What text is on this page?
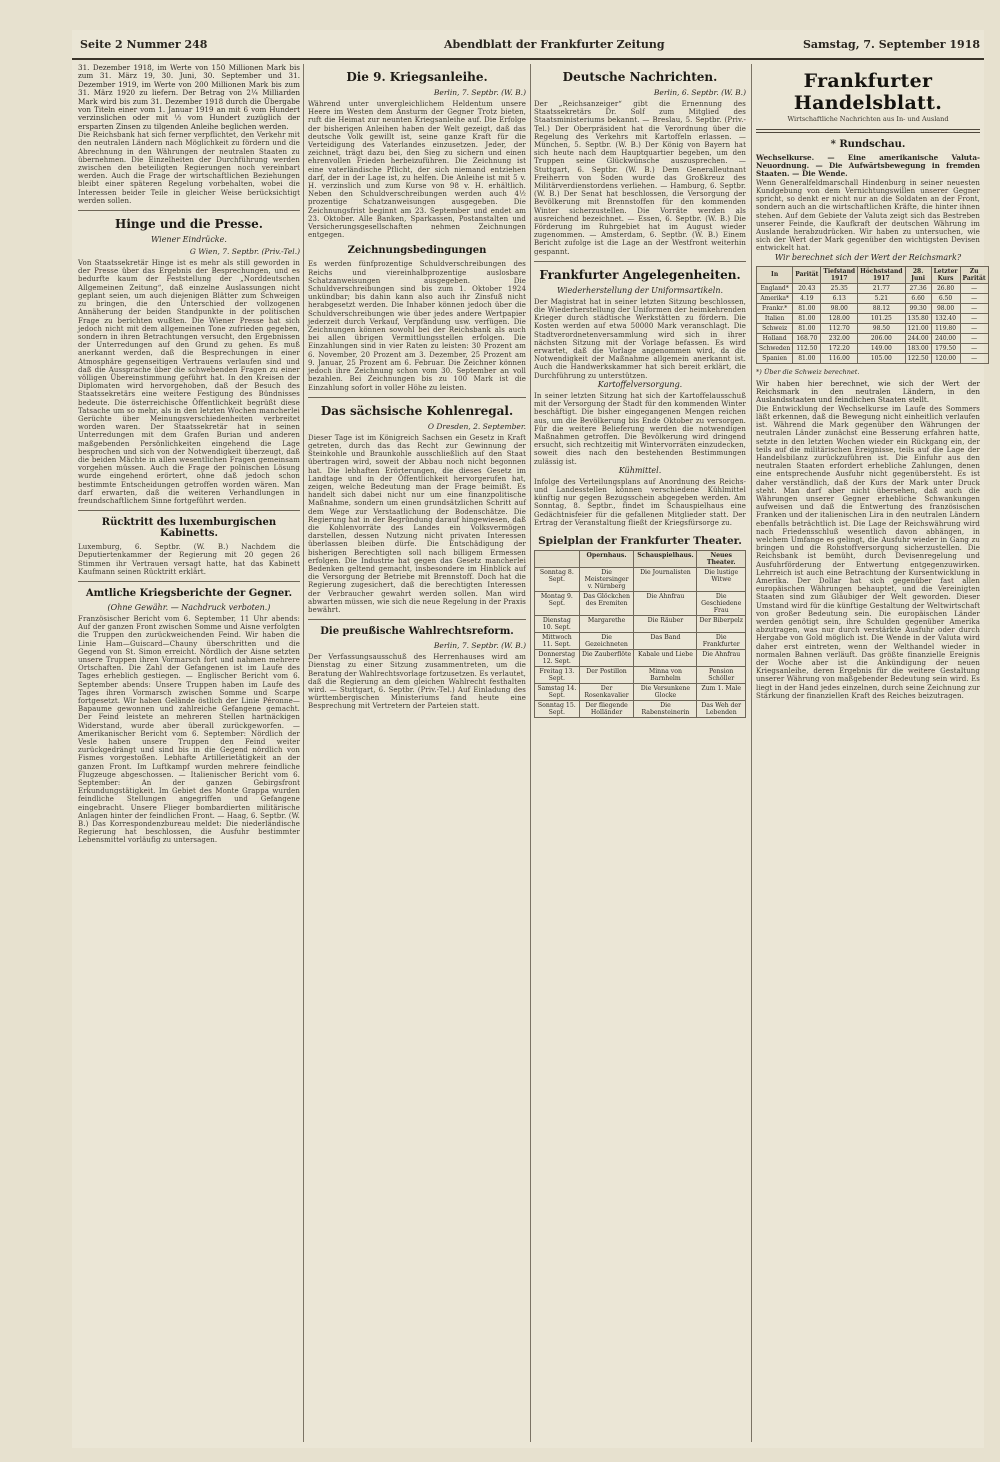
Seite 2 Nummer 248	Abendblatt der Frankfurter Zeitung	Samstag, 7. September 1918
31. Dezember 1918, im Werte von 150 Millionen Mark bis zum 31. März 19, 30. Juni, 30. September und 31. Dezember 1919, im Werte von 200 Millionen Mark bis zum 31. März 1920 zu liefern. Der Betrag von 2¼ Milliarden Mark wird bis zum 31. Dezember 1918 durch die Übergabe von Titeln einer vom 1. Januar 1919 an mit 6 vom Hundert verzinslichen oder mit ⅓ vom Hundert zuzüglich der ersparten Zinsen zu tilgenden Anleihe beglichen werden.
Die Reichsbank hat sich ferner verpflichtet, den Verkehr mit den neutralen Ländern nach Möglichkeit zu fördern und die Abrechnung in den Währungen der neutralen Staaten zu übernehmen. Die Einzelheiten der Durchführung werden zwischen den beteiligten Regierungen noch vereinbart werden. Auch die Frage der wirtschaftlichen Beziehungen bleibt einer späteren Regelung vorbehalten, wobei die Interessen beider Teile in gleicher Weise berücksichtigt werden sollen.
Hinge und die Presse.
Wiener Eindrücke.
G Wien, 7. Septbr. (Priv.-Tel.)
Von Staatssekretär Hinge ist es mehr als still geworden in der Presse über das Ergebnis der Besprechungen, und es bedurfte kaum der Feststellung der „Norddeutschen Allgemeinen Zeitung“, daß einzelne Auslassungen nicht geplant seien, um auch diejenigen Blätter zum Schweigen zu bringen, die den Unterschied der vollzogenen Annäherung der beiden Standpunkte in der politischen Frage zu berichten wußten. Die Wiener Presse hat sich jedoch nicht mit dem allgemeinen Tone zufrieden gegeben, sondern in ihren Betrachtungen versucht, den Ergebnissen der Unterredungen auf den Grund zu gehen. Es muß anerkannt werden, daß die Besprechungen in einer Atmosphäre gegenseitigen Vertrauens verlaufen sind und daß die Aussprache über die schwebenden Fragen zu einer völligen Übereinstimmung geführt hat. In den Kreisen der Diplomaten wird hervorgehoben, daß der Besuch des Staatssekretärs eine weitere Festigung des Bündnisses bedeute. Die österreichische Öffentlichkeit begrüßt diese Tatsache um so mehr, als in den letzten Wochen mancherlei Gerüchte über Meinungsverschiedenheiten verbreitet worden waren. Der Staatssekretär hat in seinen Unterredungen mit dem Grafen Burian und anderen maßgebenden Persönlichkeiten eingehend die Lage besprochen und sich von der Notwendigkeit überzeugt, daß die beiden Mächte in allen wesentlichen Fragen gemeinsam vorgehen müssen. Auch die Frage der polnischen Lösung wurde eingehend erörtert, ohne daß jedoch schon bestimmte Entscheidungen getroffen worden wären. Man darf erwarten, daß die weiteren Verhandlungen in freundschaftlichem Sinne fortgeführt werden.
Rücktritt des luxemburgischen Kabinetts.
Luxemburg, 6. Septbr. (W. B.) Nachdem die Deputiertenkammer der Regierung mit 20 gegen 26 Stimmen ihr Vertrauen versagt hatte, hat das Kabinett Kaufmann seinen Rücktritt erklärt.
Amtliche Kriegsberichte der Gegner.
(Ohne Gewähr. — Nachdruck verboten.)
Französischer Bericht vom 6. September, 11 Uhr abends: Auf der ganzen Front zwischen Somme und Aisne verfolgten die Truppen den zurückweichenden Feind. Wir haben die Linie Ham—Guiscard—Chauny überschritten und die Gegend von St. Simon erreicht. Nördlich der Aisne setzten unsere Truppen ihren Vormarsch fort und nahmen mehrere Ortschaften. Die Zahl der Gefangenen ist im Laufe des Tages erheblich gestiegen. — Englischer Bericht vom 6. September abends: Unsere Truppen haben im Laufe des Tages ihren Vormarsch zwischen Somme und Scarpe fortgesetzt. Wir haben Gelände östlich der Linie Péronne—Bapaume gewonnen und zahlreiche Gefangene gemacht. Der Feind leistete an mehreren Stellen hartnäckigen Widerstand, wurde aber überall zurückgeworfen. — Amerikanischer Bericht vom 6. September: Nördlich der Vesle haben unsere Truppen den Feind weiter zurückgedrängt und sind bis in die Gegend nördlich von Fismes vorgestoßen. Lebhafte Artillerietätigkeit an der ganzen Front. Im Luftkampf wurden mehrere feindliche Flugzeuge abgeschossen. — Italienischer Bericht vom 6. September: An der ganzen Gebirgsfront Erkundungstätigkeit. Im Gebiet des Monte Grappa wurden feindliche Stellungen angegriffen und Gefangene eingebracht. Unsere Flieger bombardierten militärische Anlagen hinter der feindlichen Front. — Haag, 6. Septbr. (W. B.) Das Korrespondenzbureau meldet: Die niederländische Regierung hat beschlossen, die Ausfuhr bestimmter Lebensmittel vorläufig zu untersagen.
Die 9. Kriegsanleihe.
Berlin, 7. Septbr. (W. B.)
Während unter unvergleichlichem Heldentum unsere Heere im Westen dem Ansturm der Gegner Trotz bieten, ruft die Heimat zur neunten Kriegsanleihe auf. Die Erfolge der bisherigen Anleihen haben der Welt gezeigt, daß das deutsche Volk gewillt ist, seine ganze Kraft für die Verteidigung des Vaterlandes einzusetzen. Jeder, der zeichnet, trägt dazu bei, den Sieg zu sichern und einen ehrenvollen Frieden herbeizuführen. Die Zeichnung ist eine vaterländische Pflicht, der sich niemand entziehen darf, der in der Lage ist, zu helfen. Die Anleihe ist mit 5 v. H. verzinslich und zum Kurse von 98 v. H. erhältlich. Neben den Schuldverschreibungen werden auch 4½ prozentige Schatzanweisungen ausgegeben. Die Zeichnungsfrist beginnt am 23. September und endet am 23. Oktober. Alle Banken, Sparkassen, Postanstalten und Versicherungsgesellschaften nehmen Zeichnungen entgegen.
Zeichnungsbedingungen
Es werden fünfprozentige Schuldverschreibungen des Reichs und viereinhalbprozentige auslosbare Schatzanweisungen ausgegeben. Die Schuldverschreibungen sind bis zum 1. Oktober 1924 unkündbar; bis dahin kann also auch ihr Zinsfuß nicht herabgesetzt werden. Die Inhaber können jedoch über die Schuldverschreibungen wie über jedes andere Wertpapier jederzeit durch Verkauf, Verpfändung usw. verfügen. Die Zeichnungen können sowohl bei der Reichsbank als auch bei allen übrigen Vermittlungsstellen erfolgen. Die Einzahlungen sind in vier Raten zu leisten: 30 Prozent am 6. November, 20 Prozent am 3. Dezember, 25 Prozent am 9. Januar, 25 Prozent am 6. Februar. Die Zeichner können jedoch ihre Zeichnung schon vom 30. September an voll bezahlen. Bei Zeichnungen bis zu 100 Mark ist die Einzahlung sofort in voller Höhe zu leisten.
Das sächsische Kohlenregal.
O Dresden, 2. September.
Dieser Tage ist im Königreich Sachsen ein Gesetz in Kraft getreten, durch das das Recht zur Gewinnung der Steinkohle und Braunkohle ausschließlich auf den Staat übertragen wird, soweit der Abbau noch nicht begonnen hat. Die lebhaften Erörterungen, die dieses Gesetz im Landtage und in der Öffentlichkeit hervorgerufen hat, zeigen, welche Bedeutung man der Frage beimißt. Es handelt sich dabei nicht nur um eine finanzpolitische Maßnahme, sondern um einen grundsätzlichen Schritt auf dem Wege zur Verstaatlichung der Bodenschätze. Die Regierung hat in der Begründung darauf hingewiesen, daß die Kohlenvorräte des Landes ein Volksvermögen darstellen, dessen Nutzung nicht privaten Interessen überlassen bleiben dürfe. Die Entschädigung der bisherigen Berechtigten soll nach billigem Ermessen erfolgen. Die Industrie hat gegen das Gesetz mancherlei Bedenken geltend gemacht, insbesondere im Hinblick auf die Versorgung der Betriebe mit Brennstoff. Doch hat die Regierung zugesichert, daß die berechtigten Interessen der Verbraucher gewahrt werden sollen. Man wird abwarten müssen, wie sich die neue Regelung in der Praxis bewährt.
Die preußische Wahlrechtsreform.
Berlin, 7. Septbr. (W. B.)
Der Verfassungsausschuß des Herrenhauses wird am Dienstag zu einer Sitzung zusammentreten, um die Beratung der Wahlrechtsvorlage fortzusetzen. Es verlautet, daß die Regierung an dem gleichen Wahlrecht festhalten wird. — Stuttgart, 6. Septbr. (Priv.-Tel.) Auf Einladung des württembergischen Ministeriums fand heute eine Besprechung mit Vertretern der Parteien statt.
Deutsche Nachrichten.
Berlin, 6. Septbr. (W. B.)
Der „Reichsanzeiger“ gibt die Ernennung des Staatssekretärs Dr. Solf zum Mitglied des Staatsministeriums bekannt. — Breslau, 5. Septbr. (Priv.-Tel.) Der Oberpräsident hat die Verordnung über die Regelung des Verkehrs mit Kartoffeln erlassen. — München, 5. Septbr. (W. B.) Der König von Bayern hat sich heute nach dem Hauptquartier begeben, um den Truppen seine Glückwünsche auszusprechen. — Stuttgart, 6. Septbr. (W. B.) Dem Generalleutnant Freiherrn von Soden wurde das Großkreuz des Militärverdienstordens verliehen. — Hamburg, 6. Septbr. (W. B.) Der Senat hat beschlossen, die Versorgung der Bevölkerung mit Brennstoffen für den kommenden Winter sicherzustellen. Die Vorräte werden als ausreichend bezeichnet. — Essen, 6. Septbr. (W. B.) Die Förderung im Ruhrgebiet hat im August wieder zugenommen. — Amsterdam, 6. Septbr. (W. B.) Einem Bericht zufolge ist die Lage an der Westfront weiterhin gespannt.
Frankfurter Angelegenheiten.
Wiederherstellung der Uniformsartikeln.
Der Magistrat hat in seiner letzten Sitzung beschlossen, die Wiederherstellung der Uniformen der heimkehrenden Krieger durch städtische Werkstätten zu fördern. Die Kosten werden auf etwa 50000 Mark veranschlagt. Die Stadtverordnetenversammlung wird sich in ihrer nächsten Sitzung mit der Vorlage befassen. Es wird erwartet, daß die Vorlage angenommen wird, da die Notwendigkeit der Maßnahme allgemein anerkannt ist. Auch die Handwerkskammer hat sich bereit erklärt, die Durchführung zu unterstützen.
Kartoffelversorgung.
In seiner letzten Sitzung hat sich der Kartoffelausschuß mit der Versorgung der Stadt für den kommenden Winter beschäftigt. Die bisher eingegangenen Mengen reichen aus, um die Bevölkerung bis Ende Oktober zu versorgen. Für die weitere Belieferung werden die notwendigen Maßnahmen getroffen. Die Bevölkerung wird dringend ersucht, sich rechtzeitig mit Wintervorräten einzudecken, soweit dies nach den bestehenden Bestimmungen zulässig ist.
Kühmittel.
Infolge des Verteilungsplans auf Anordnung des Reichs- und Landesstellen können verschiedene Kühlmittel künftig nur gegen Bezugsschein abgegeben werden. Am Sonntag, 8. Septbr., findet im Schauspielhaus eine Gedächtnisfeier für die gefallenen Mitglieder statt. Der Ertrag der Veranstaltung fließt der Kriegsfürsorge zu.
Spielplan der Frankfurter Theater.
	Opernhaus.	Schauspielhaus.	Neues Theater.
Sonntag 8. Sept.	Die Meistersinger v. Nürnberg	Die Journalisten	Die lustige Witwe
Montag 9. Sept.	Das Glöckchen des Eremiten	Die Ahnfrau	Die Geschiedene Frau
Dienstag 10. Sept.	Margarethe	Die Räuber	Der Biberpelz
Mittwoch 11. Sept.	Die Gezeichneten	Das Band	Die Frankfurter
Donnerstag 12. Sept.	Die Zauberflöte	Kabale und Liebe	Die Ahnfrau
Freitag 13. Sept.	Der Postillon	Minna von Barnhelm	Pension Schöller
Samstag 14. Sept.	Der Rosenkavalier	Die Versunkene Glocke	Zum 1. Male
Sonntag 15. Sept.	Der fliegende Holländer	Die Rabensteinerin	Das Weh der Lebenden
Frankfurter Handelsblatt.
Wirtschaftliche Nachrichten aus In- und Ausland
* Rundschau.
Wechselkurse. — Eine amerikanische Valuta-Neuordnung. — Die Aufwärtsbewegung in fremden Staaten. — Die Wende.
Wenn Generalfeldmarschall Hindenburg in seiner neuesten Kundgebung von dem Vernichtungswillen unserer Gegner spricht, so denkt er nicht nur an die Soldaten an der Front, sondern auch an die wirtschaftlichen Kräfte, die hinter ihnen stehen. Auf dem Gebiete der Valuta zeigt sich das Bestreben unserer Feinde, die Kaufkraft der deutschen Währung im Auslande herabzudrücken. Wir haben zu untersuchen, wie sich der Wert der Mark gegenüber den wichtigsten Devisen entwickelt hat.
Wir berechnet sich der Wert der Reichsmark?
In	Parität	Tiefstand 1917	Höchststand 1917	28. Juni	Letzter Kurs	Zu Parität
England*	20.43	25.35	21.77	27.36	26.80	—
Amerika*	4.19	6.13	5.21	6.60	6.50	—
Frankr.*	81.00	98.00	88.12	99.30	98.00	—
Italien	81.00	128.00	101.25	135.80	132.40	—
Schweiz	81.00	112.70	98.50	121.00	119.80	—
Holland	168.70	232.00	206.00	244.00	240.00	—
Schweden	112.50	172.20	149.00	183.00	179.50	—
Spanien	81.00	116.00	105.00	122.50	120.00	—
*) Über die Schweiz berechnet.
Wir haben hier berechnet, wie sich der Wert der Reichsmark in den neutralen Ländern, in den Auslandsstaaten und feindlichen Staaten stellt.
Die Entwicklung der Wechselkurse im Laufe des Sommers läßt erkennen, daß die Bewegung nicht einheitlich verlaufen ist. Während die Mark gegenüber den Währungen der neutralen Länder zunächst eine Besserung erfahren hatte, setzte in den letzten Wochen wieder ein Rückgang ein, der teils auf die militärischen Ereignisse, teils auf die Lage der Handelsbilanz zurückzuführen ist. Die Einfuhr aus den neutralen Staaten erfordert erhebliche Zahlungen, denen eine entsprechende Ausfuhr nicht gegenübersteht. Es ist daher verständlich, daß der Kurs der Mark unter Druck steht. Man darf aber nicht übersehen, daß auch die Währungen unserer Gegner erhebliche Schwankungen aufweisen und daß die Entwertung des französischen Franken und der italienischen Lira in den neutralen Ländern ebenfalls beträchtlich ist. Die Lage der Reichswährung wird nach Friedensschluß wesentlich davon abhängen, in welchem Umfange es gelingt, die Ausfuhr wieder in Gang zu bringen und die Rohstoffversorgung sicherzustellen. Die Reichsbank ist bemüht, durch Devisenregelung und Ausfuhrförderung der Entwertung entgegenzuwirken. Lehrreich ist auch eine Betrachtung der Kursentwicklung in Amerika. Der Dollar hat sich gegenüber fast allen europäischen Währungen behauptet, und die Vereinigten Staaten sind zum Gläubiger der Welt geworden. Dieser Umstand wird für die künftige Gestaltung der Weltwirtschaft von großer Bedeutung sein. Die europäischen Länder werden genötigt sein, ihre Schulden gegenüber Amerika abzutragen, was nur durch verstärkte Ausfuhr oder durch Hergabe von Gold möglich ist. Die Wende in der Valuta wird daher erst eintreten, wenn der Welthandel wieder in normalen Bahnen verläuft. Das größte finanzielle Ereignis der Woche aber ist die Ankündigung der neuen Kriegsanleihe, deren Ergebnis für die weitere Gestaltung unserer Währung von maßgebender Bedeutung sein wird. Es liegt in der Hand jedes einzelnen, durch seine Zeichnung zur Stärkung der finanziellen Kraft des Reiches beizutragen.
